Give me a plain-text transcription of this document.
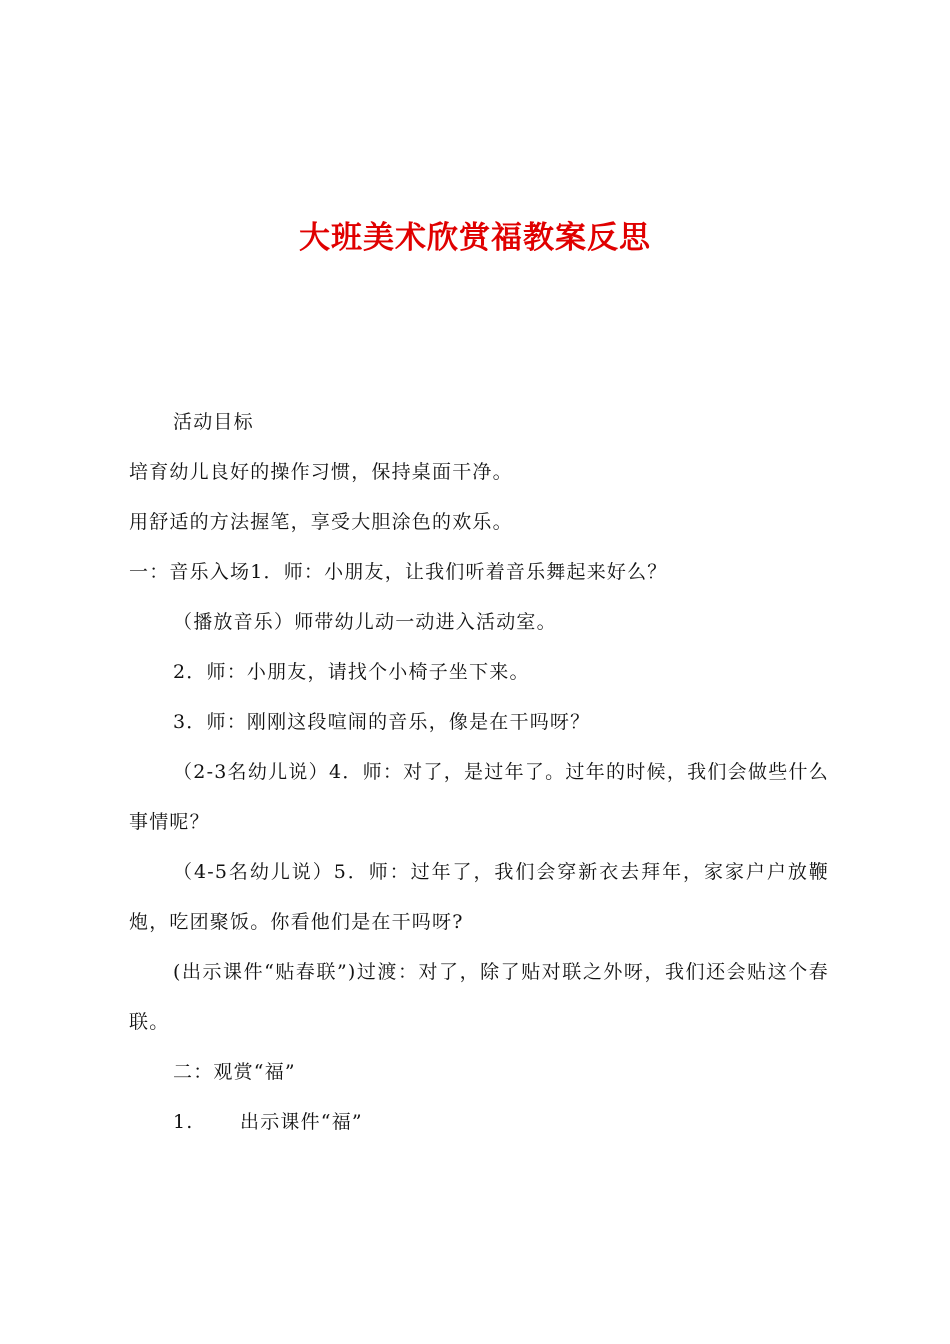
大班美术欣赏福教案反思

活动目标

培育幼儿良好的操作习惯，保持桌面干净。

用舒适的方法握笔，享受大胆涂色的欢乐。

一：音乐入场1．师：小朋友，让我们听着音乐舞起来好么？

（播放音乐）师带幼儿动一动进入活动室。

2．师：小朋友，请找个小椅子坐下来。

3．师：刚刚这段喧闹的音乐，像是在干吗呀？

（2-3名幼儿说）4．师：对了，是过年了。过年的时候，我们会做些什么事情呢？

（4-5名幼儿说）5．师：过年了，我们会穿新衣去拜年，家家户户放鞭炮，吃团聚饭。你看他们是在干吗呀?

(出示课件“贴春联”)过渡：对了，除了贴对联之外呀，我们还会贴这个春联。

二：观赏“福”

1. 出示课件“福”
